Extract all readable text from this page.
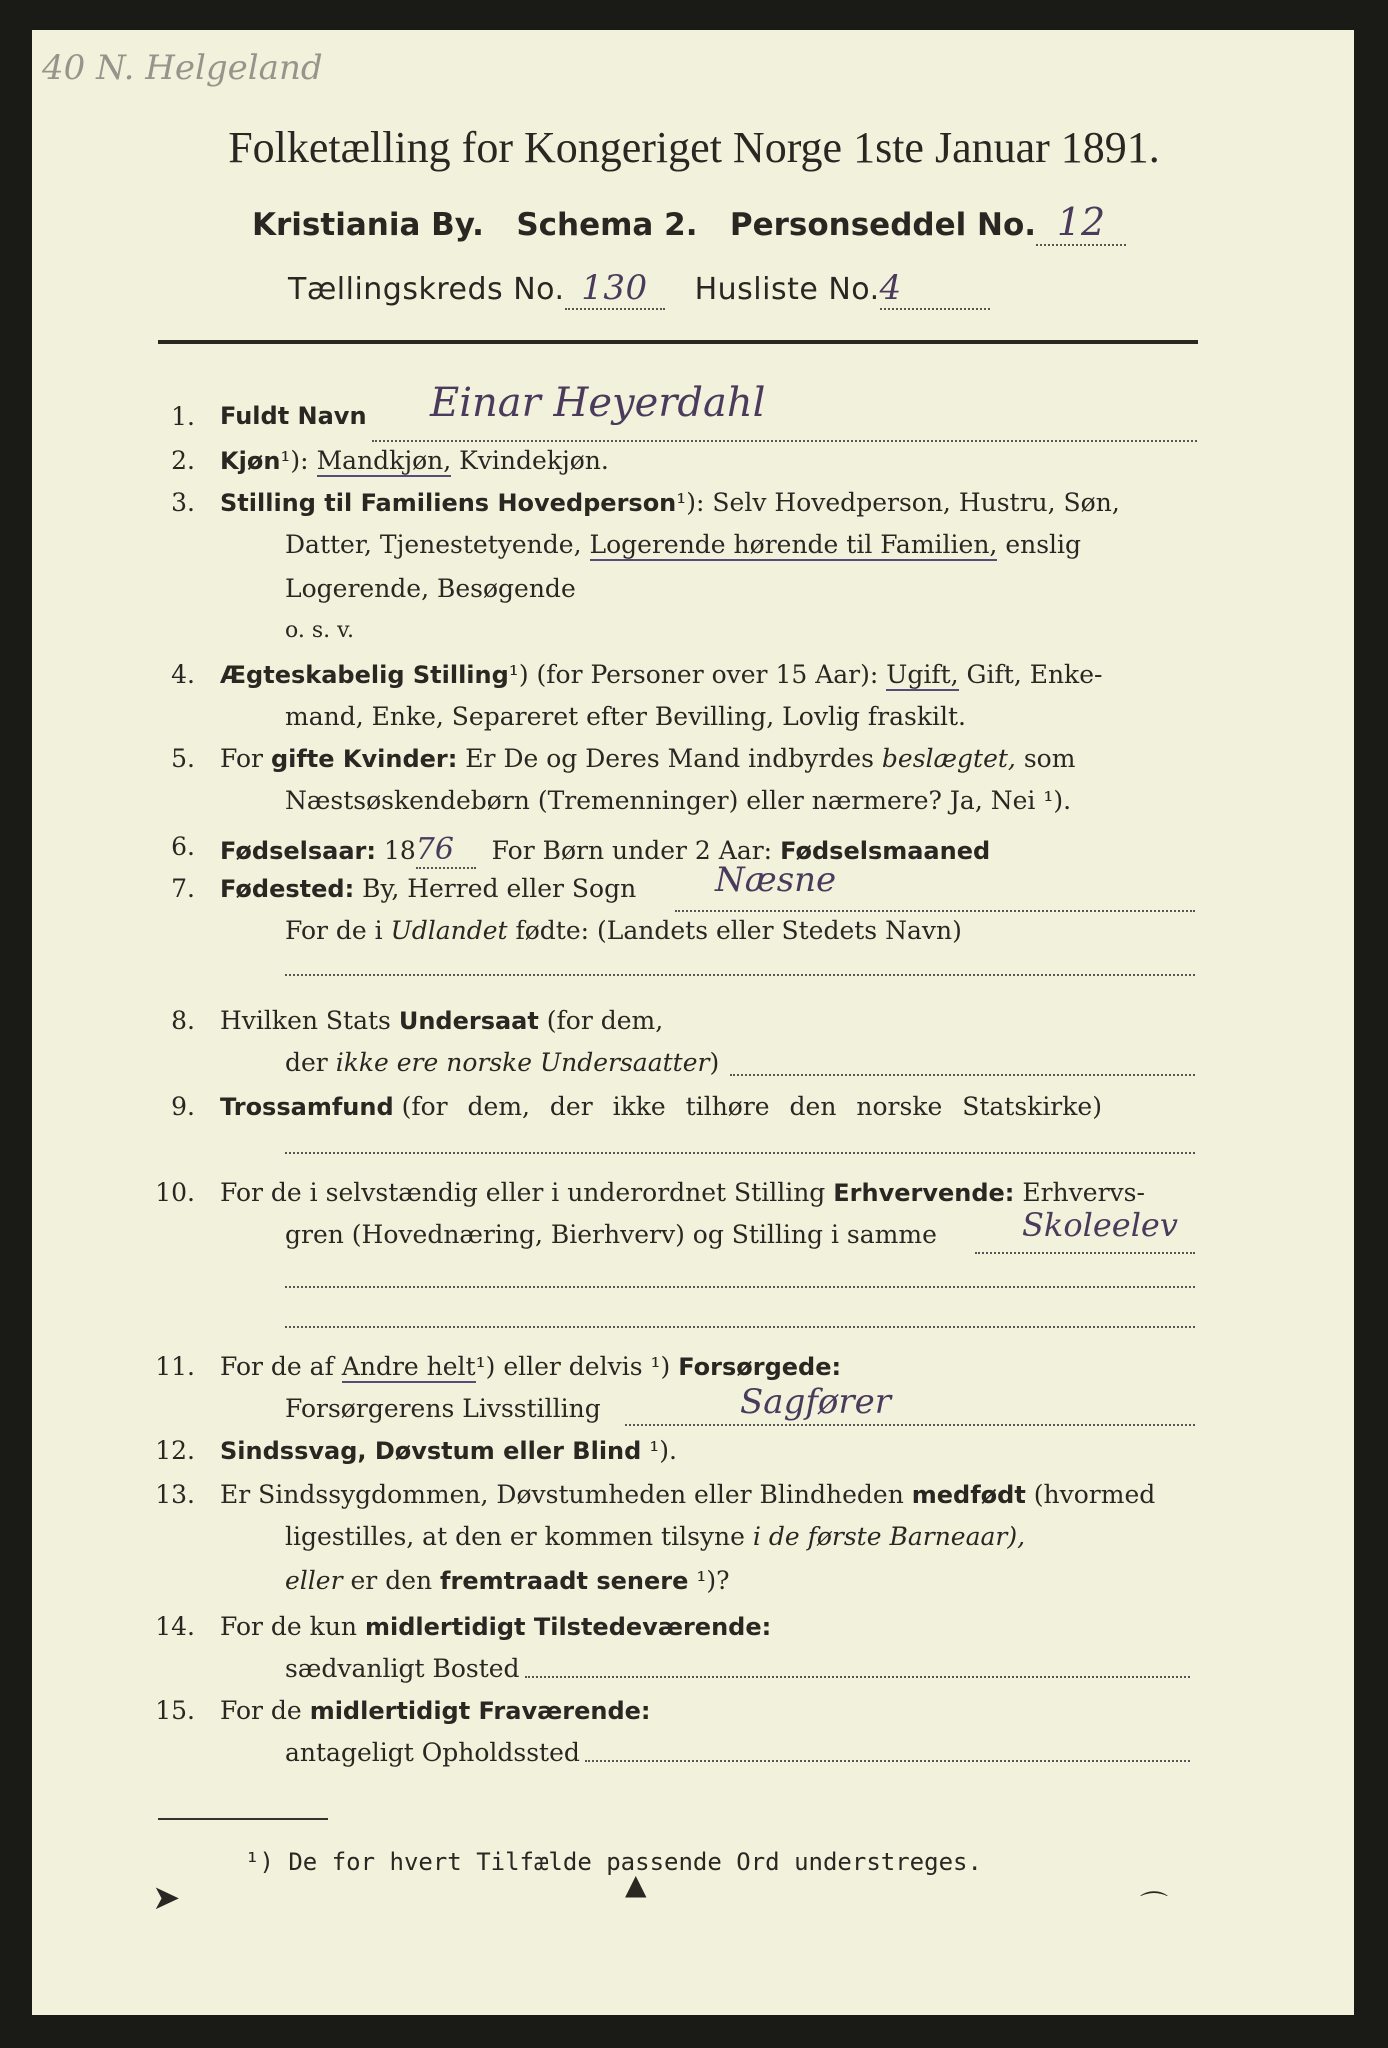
40 N. Helgeland
Folketælling for Kongeriget Norge 1ste Januar 1891.
Kristiania By. Schema 2. Personseddel No. 12
Tællingskreds No. 130 Husliste No.4
1. Fuldt Navn Einar Heyerdahl
2. Kjøn¹): Mandkjøn, Kvindekjøn.
3. Stilling til Familiens Hovedperson¹): Selv Hovedperson, Hustru, Søn,
Datter, Tjenestetyende, Logerende hørende til Familien, enslig
Logerende, Besøgende
o. s. v.
4. Ægteskabelig Stilling¹) (for Personer over 15 Aar): Ugift, Gift, Enke-
mand, Enke, Separeret efter Bevilling, Lovlig fraskilt.
5. For gifte Kvinder: Er De og Deres Mand indbyrdes beslægtet, som
Næstsøskendebørn (Tremenninger) eller nærmere? Ja, Nei ¹).
6. Fødselsaar: 1876 For Børn under 2 Aar: Fødselsmaaned
7. Fødested: By, Herred eller Sogn Næsne
For de i Udlandet fødte: (Landets eller Stedets Navn)
8. Hvilken Stats Undersaat (for dem,
der ikke ere norske Undersaatter)
9. Trossamfund (for dem, der ikke tilhøre den norske Statskirke)
10. For de i selvstændig eller i underordnet Stilling Erhvervende: Erhvervs-
gren (Hovednæring, Bierhverv) og Stilling i samme	Skoleelev
11. For de af Andre helt¹) eller delvis ¹) Forsørgede:
Forsørgerens Livsstilling	Sagfører
12. Sindssvag, Døvstum eller Blind ¹).
13. Er Sindssygdommen, Døvstumheden eller Blindheden medfødt (hvormed
ligestilles, at den er kommen tilsyne i de første Barneaar),
eller er den fremtraadt senere ¹)?
14. For de kun midlertidigt Tilstedeværende:
sædvanligt Bosted
15. For de midlertidigt Fraværende:
antageligt Opholdssted
¹) De for hvert Tilfælde passende Ord understreges.
➤	▲
⌒
